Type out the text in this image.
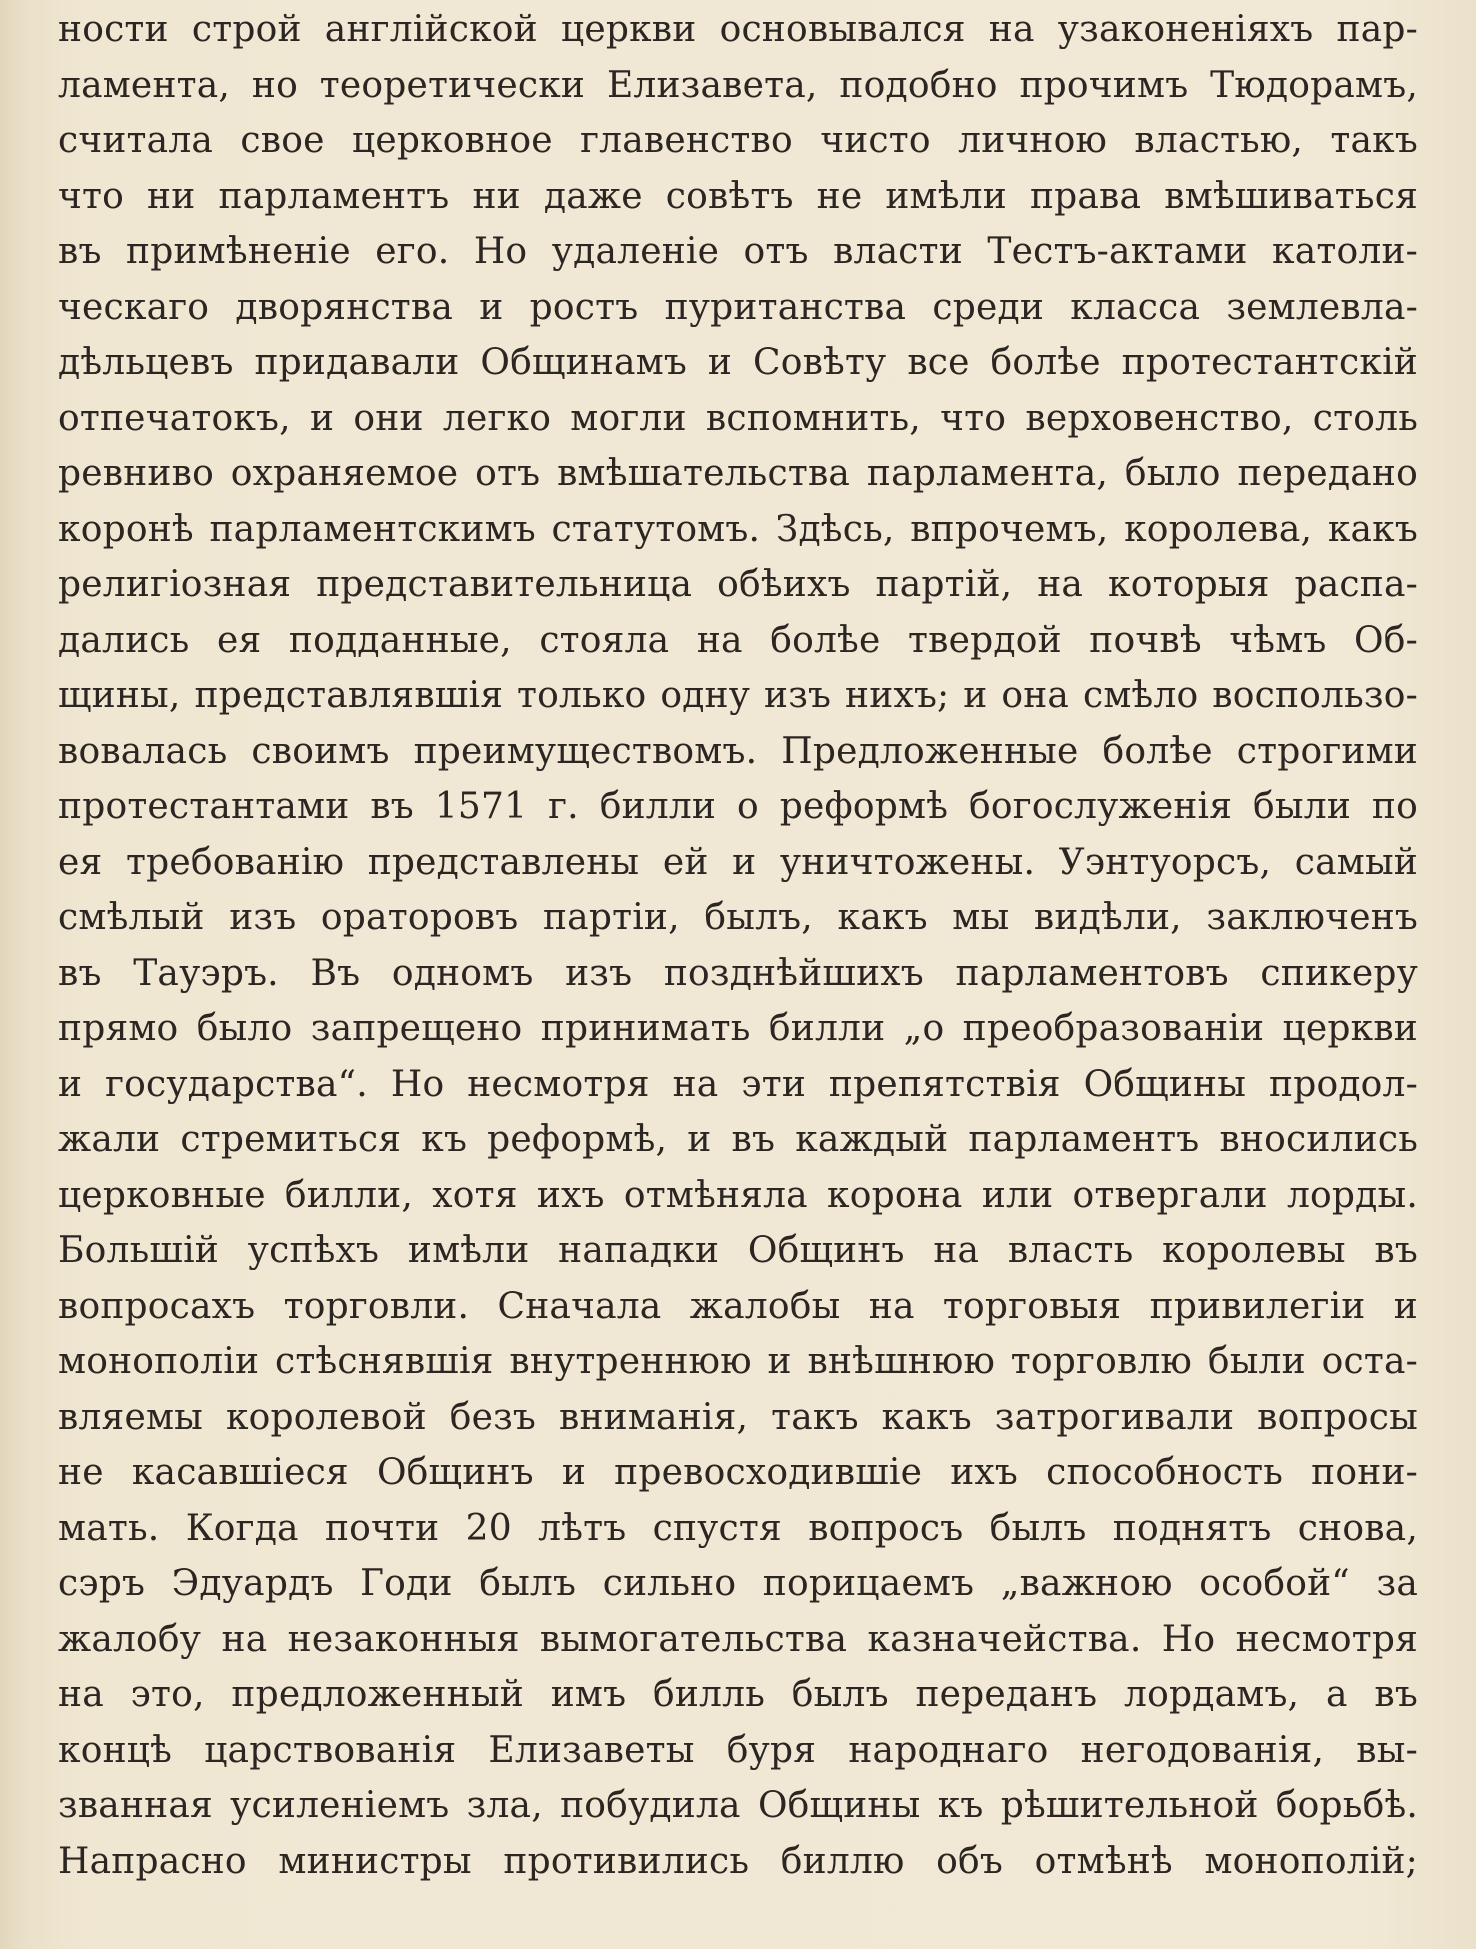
ности строй англійской церкви основывался на узаконеніяхъ пар-
ламента, но теоретически Елизавета, подобно прочимъ Тюдорамъ,
считала свое церковное главенство чисто личною властью, такъ
что ни парламентъ ни даже совѣтъ не имѣли права вмѣшиваться
въ примѣненіе его. Но удаленіе отъ власти Тестъ-актами католи-
ческаго дворянства и ростъ пуританства среди класса землевла-
дѣльцевъ придавали Общинамъ и Совѣту все болѣе протестантскій
отпечатокъ, и они легко могли вспомнить, что верховенство, столь
ревниво охраняемое отъ вмѣшательства парламента, было передано
коронѣ парламентскимъ статутомъ. Здѣсь, впрочемъ, королева, какъ
религіозная представительница обѣихъ партій, на которыя распа-
дались ея подданные, стояла на болѣе твердой почвѣ чѣмъ Об-
щины, представлявшія только одну изъ нихъ; и она смѣло воспользо-
вовалась своимъ преимуществомъ. Предложенные болѣе строгими
протестантами въ 1571 г. билли о реформѣ богослуженія были по
ея требованію представлены ей и уничтожены. Уэнтуорсъ, самый
смѣлый изъ ораторовъ партіи, былъ, какъ мы видѣли, заключенъ
въ Тауэръ. Въ одномъ изъ позднѣйшихъ парламентовъ спикеру
прямо было запрещено принимать билли „о преобразованіи церкви
и государства“. Но несмотря на эти препятствія Общины продол-
жали стремиться къ реформѣ, и въ каждый парламентъ вносились
церковные билли, хотя ихъ отмѣняла корона или отвергали лорды.
Большій успѣхъ имѣли нападки Общинъ на власть королевы въ
вопросахъ торговли. Сначала жалобы на торговыя привилегіи и
монополіи стѣснявшія внутреннюю и внѣшнюю торговлю были оста-
вляемы королевой безъ вниманія, такъ какъ затрогивали вопросы
не касавшіеся Общинъ и превосходившіе ихъ способность пони-
мать. Когда почти 20 лѣтъ спустя вопросъ былъ поднятъ снова,
сэръ Эдуардъ Годи былъ сильно порицаемъ „важною особой“ за
жалобу на незаконныя вымогательства казначейства. Но несмотря
на это, предложенный имъ билль былъ переданъ лордамъ, а въ
концѣ царствованія Елизаветы буря народнаго негодованія, вы-
званная усиленіемъ зла, побудила Общины къ рѣшительной борьбѣ.
Напрасно министры противились биллю объ отмѣнѣ монополій;
